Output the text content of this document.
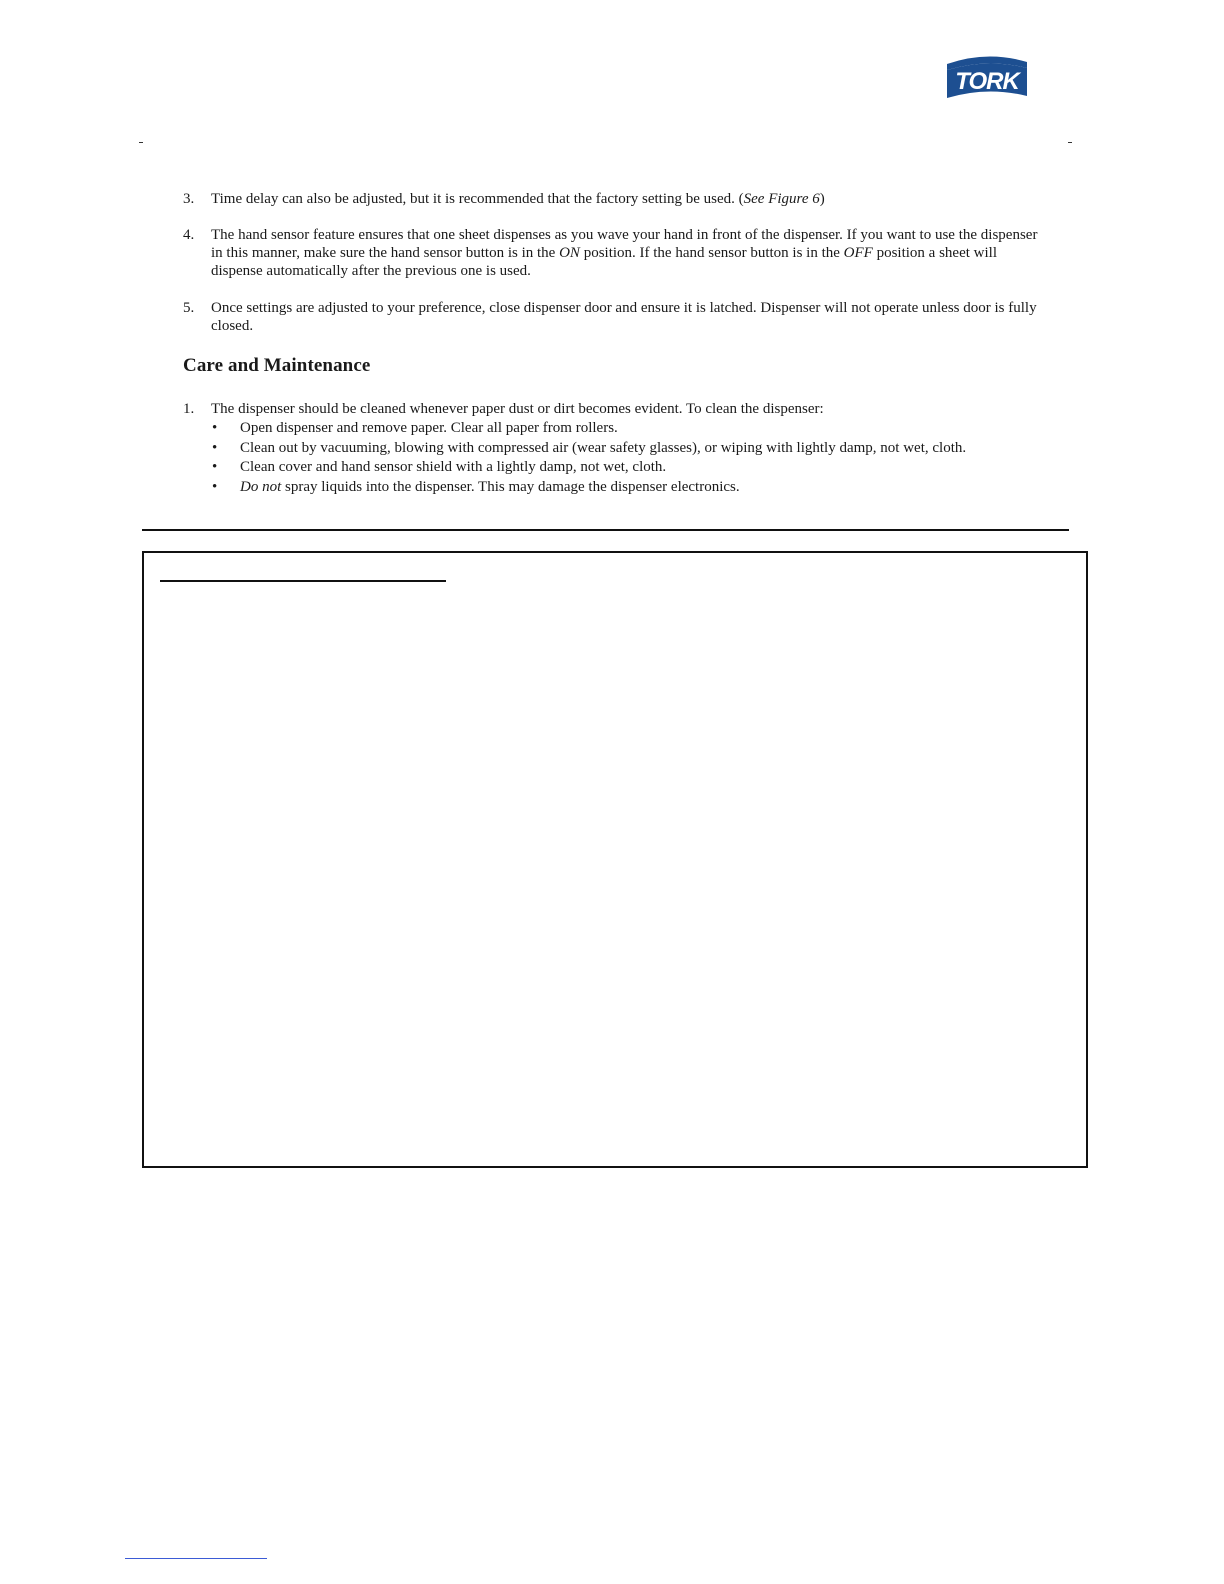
TORK
3. Time delay can also be adjusted, but it is recommended that the factory setting be used. (See Figure 6)
4. The hand sensor feature ensures that one sheet dispenses as you wave your hand in front of the dispenser. If you want to use the dispenser in this manner, make sure the hand sensor button is in the ON position. If the hand sensor button is in the OFF position a sheet will dispense automatically after the previous one is used.
5. Once settings are adjusted to your preference, close dispenser door and ensure it is latched. Dispenser will not operate unless door is fully closed.
Care and Maintenance
1. The dispenser should be cleaned whenever paper dust or dirt becomes evident. To clean the dispenser:
• Open dispenser and remove paper. Clear all paper from rollers.
• Clean out by vacuuming, blowing with compressed air (wear safety glasses), or wiping with lightly damp, not wet, cloth.
• Clean cover and hand sensor shield with a lightly damp, not wet, cloth.
• Do not spray liquids into the dispenser. This may damage the dispenser electronics.
